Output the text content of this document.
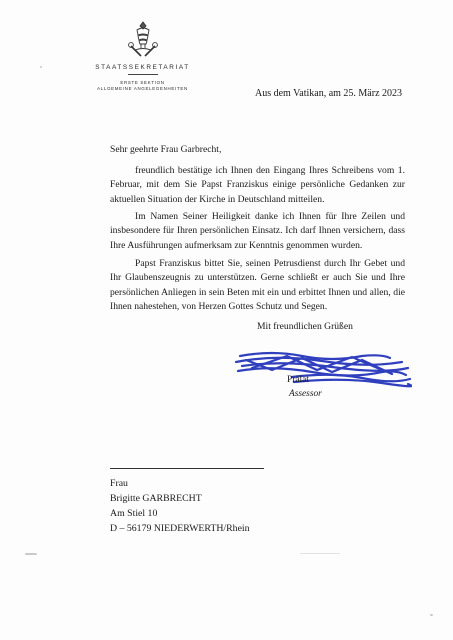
STAATSSEKRETARIAT
ERSTE SEKTION
ALLGEMEINE ANGELEGENHEITEN	Aus dem Vatikan, am 25. März 2023
Sehr geehrte Frau Garbrecht,

freundlich bestätige ich Ihnen den Eingang Ihres Schreibens vom 1. Februar, mit dem Sie Papst Franziskus einige persönliche Gedanken zur aktuellen Situation der Kirche in Deutschland mitteilen.

Im Namen Seiner Heiligkeit danke ich Ihnen für Ihre Zeilen und insbesondere für Ihren persönlichen Einsatz. Ich darf Ihnen versichern, dass Ihre Ausführungen aufmerksam zur Kenntnis genommen wurden.

Papst Franziskus bittet Sie, seinen Petrusdienst durch Ihr Gebet und Ihr Glaubenszeugnis zu unterstützen. Gerne schließt er auch Sie und Ihre persönlichen Anliegen in sein Beten mit ein und erbittet Ihnen und allen, die Ihnen nahestehen, von Herzen Gottes Schutz und Segen.

Mit freundlichen Grüßen
Prälat
Assessor
Frau
Brigitte GARBRECHT
Am Stiel 10
D – 56179 NIEDERWERTH/Rhein
